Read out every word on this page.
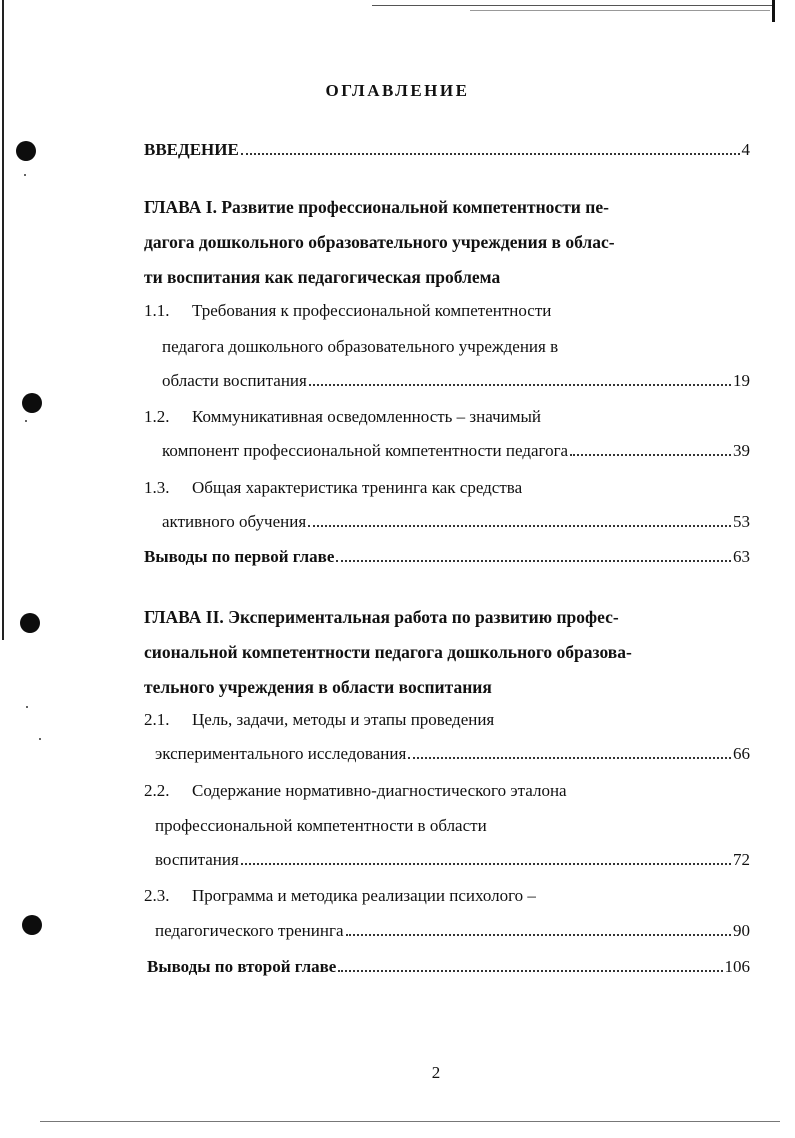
ОГЛАВЛЕНИЕ
ВВЕДЕНИЕ	4
ГЛАВА I. Развитие профессиональной компетентности пе-
дагога дошкольного образовательного учреждения в облас-
ти воспитания как педагогическая проблема
1.1. Требования к профессиональной компетентности
педагога дошкольного образовательного учреждения в
области воспитания	19
1.2. Коммуникативная осведомленность – значимый
компонент профессиональной компетентности педагога	39
1.3. Общая характеристика тренинга как средства
активного обучения	53
Выводы по первой главе	63
ГЛАВА II. Экспериментальная работа по развитию профес-
сиональной компетентности педагога дошкольного образова-
тельного учреждения в области воспитания
2.1. Цель, задачи, методы и этапы проведения
экспериментального исследования	66
2.2. Содержание нормативно-диагностического эталона
профессиональной компетентности в области
воспитания	72
2.3. Программа и методика реализации психолого –
педагогического тренинга	90
Выводы по второй главе	106
2
